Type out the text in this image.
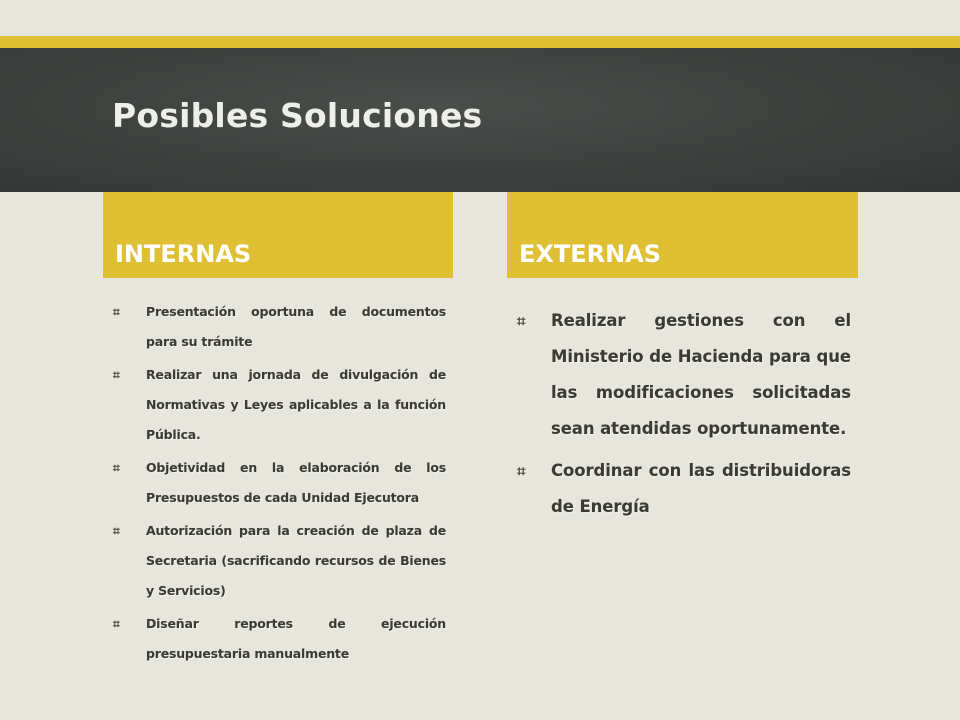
Posibles Soluciones
INTERNAS	EXTERNAS
⌗ Presentación oportuna de documentos para su trámite
⌗ Realizar una jornada de divulgación de Normativas y Leyes aplicables a la función Pública.
⌗ Objetividad en la elaboración de los Presupuestos de cada Unidad Ejecutora
⌗ Autorización para la creación de plaza de Secretaria (sacrificando recursos de Bienes y Servicios)
⌗ Diseñar reportes de ejecución presupuestaria manualmente
⌗ Realizar gestiones con el Ministerio de Hacienda para que las modificaciones solicitadas sean atendidas oportunamente.
⌗ Coordinar con las distribuidoras de Energía
